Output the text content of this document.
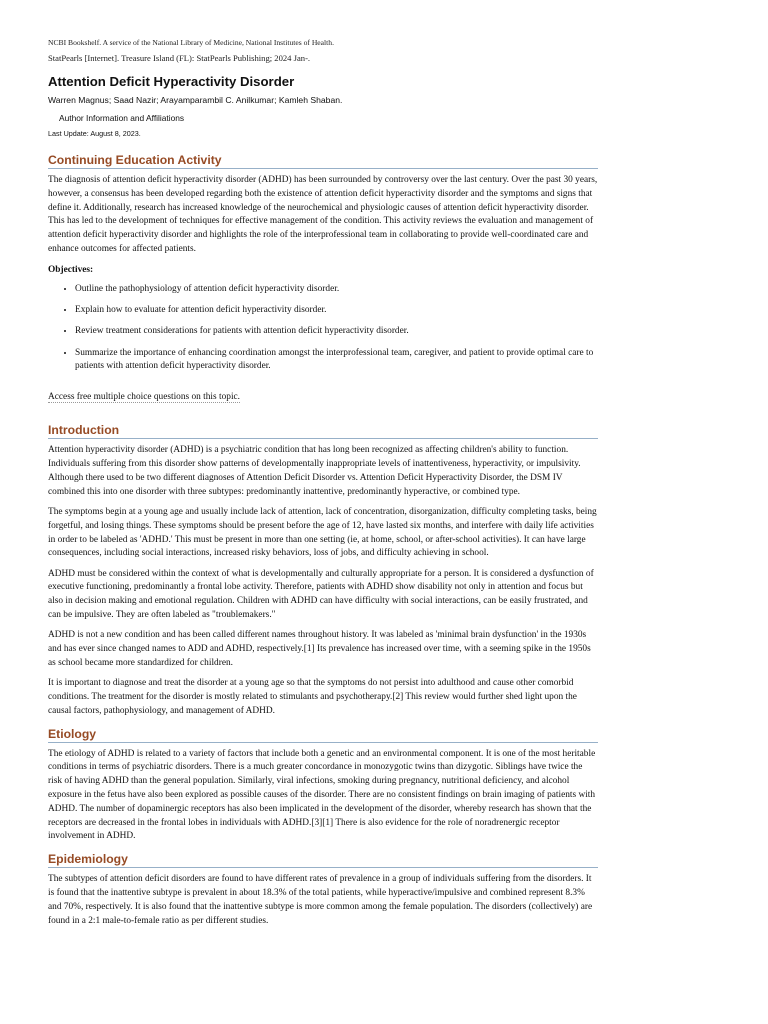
NCBI Bookshelf. A service of the National Library of Medicine, National Institutes of Health.

StatPearls [Internet]. Treasure Island (FL): StatPearls Publishing; 2024 Jan-.

Attention Deficit Hyperactivity Disorder

Warren Magnus; Saad Nazir; Arayamparambil C. Anilkumar; Kamleh Shaban.

Author Information and Affiliations

Last Update: August 8, 2023.

Continuing Education Activity

The diagnosis of attention deficit hyperactivity disorder (ADHD) has been surrounded by controversy over the last century. Over the past 30 years, however, a consensus has been developed regarding both the existence of attention deficit hyperactivity disorder and the symptoms and signs that define it. Additionally, research has increased knowledge of the neurochemical and physiologic causes of attention deficit hyperactivity disorder. This has led to the development of techniques for effective management of the condition. This activity reviews the evaluation and management of attention deficit hyperactivity disorder and highlights the role of the interprofessional team in collaborating to provide well-coordinated care and enhance outcomes for affected patients.

Objectives:

• Outline the pathophysiology of attention deficit hyperactivity disorder.
• Explain how to evaluate for attention deficit hyperactivity disorder.
• Review treatment considerations for patients with attention deficit hyperactivity disorder.
• Summarize the importance of enhancing coordination amongst the interprofessional team, caregiver, and patient to provide optimal care to patients with attention deficit hyperactivity disorder.
Access free multiple choice questions on this topic.
Introduction

Attention hyperactivity disorder (ADHD) is a psychiatric condition that has long been recognized as affecting children's ability to function. Individuals suffering from this disorder show patterns of developmentally inappropriate levels of inattentiveness, hyperactivity, or impulsivity. Although there used to be two different diagnoses of Attention Deficit Disorder vs. Attention Deficit Hyperactivity Disorder, the DSM IV combined this into one disorder with three subtypes: predominantly inattentive, predominantly hyperactive, or combined type.

The symptoms begin at a young age and usually include lack of attention, lack of concentration, disorganization, difficulty completing tasks, being forgetful, and losing things. These symptoms should be present before the age of 12, have lasted six months, and interfere with daily life activities in order to be labeled as 'ADHD.' This must be present in more than one setting (ie, at home, school, or after-school activities). It can have large consequences, including social interactions, increased risky behaviors, loss of jobs, and difficulty achieving in school.

ADHD must be considered within the context of what is developmentally and culturally appropriate for a person. It is considered a dysfunction of executive functioning, predominantly a frontal lobe activity. Therefore, patients with ADHD show disability not only in attention and focus but also in decision making and emotional regulation. Children with ADHD can have difficulty with social interactions, can be easily frustrated, and can be impulsive. They are often labeled as "troublemakers."

ADHD is not a new condition and has been called different names throughout history. It was labeled as 'minimal brain dysfunction' in the 1930s and has ever since changed names to ADD and ADHD, respectively.[1] Its prevalence has increased over time, with a seeming spike in the 1950s as school became more standardized for children.

It is important to diagnose and treat the disorder at a young age so that the symptoms do not persist into adulthood and cause other comorbid conditions. The treatment for the disorder is mostly related to stimulants and psychotherapy.[2] This review would further shed light upon the causal factors, pathophysiology, and management of ADHD.

Etiology

The etiology of ADHD is related to a variety of factors that include both a genetic and an environmental component. It is one of the most heritable conditions in terms of psychiatric disorders. There is a much greater concordance in monozygotic twins than dizygotic. Siblings have twice the risk of having ADHD than the general population. Similarly, viral infections, smoking during pregnancy, nutritional deficiency, and alcohol exposure in the fetus have also been explored as possible causes of the disorder. There are no consistent findings on brain imaging of patients with ADHD. The number of dopaminergic receptors has also been implicated in the development of the disorder, whereby research has shown that the receptors are decreased in the frontal lobes in individuals with ADHD.[3][1] There is also evidence for the role of noradrenergic receptor involvement in ADHD.

Epidemiology

The subtypes of attention deficit disorders are found to have different rates of prevalence in a group of individuals suffering from the disorders. It is found that the inattentive subtype is prevalent in about 18.3% of the total patients, while hyperactive/impulsive and combined represent 8.3% and 70%, respectively. It is also found that the inattentive subtype is more common among the female population. The disorders (collectively) are found in a 2:1 male-to-female ratio as per different studies.
